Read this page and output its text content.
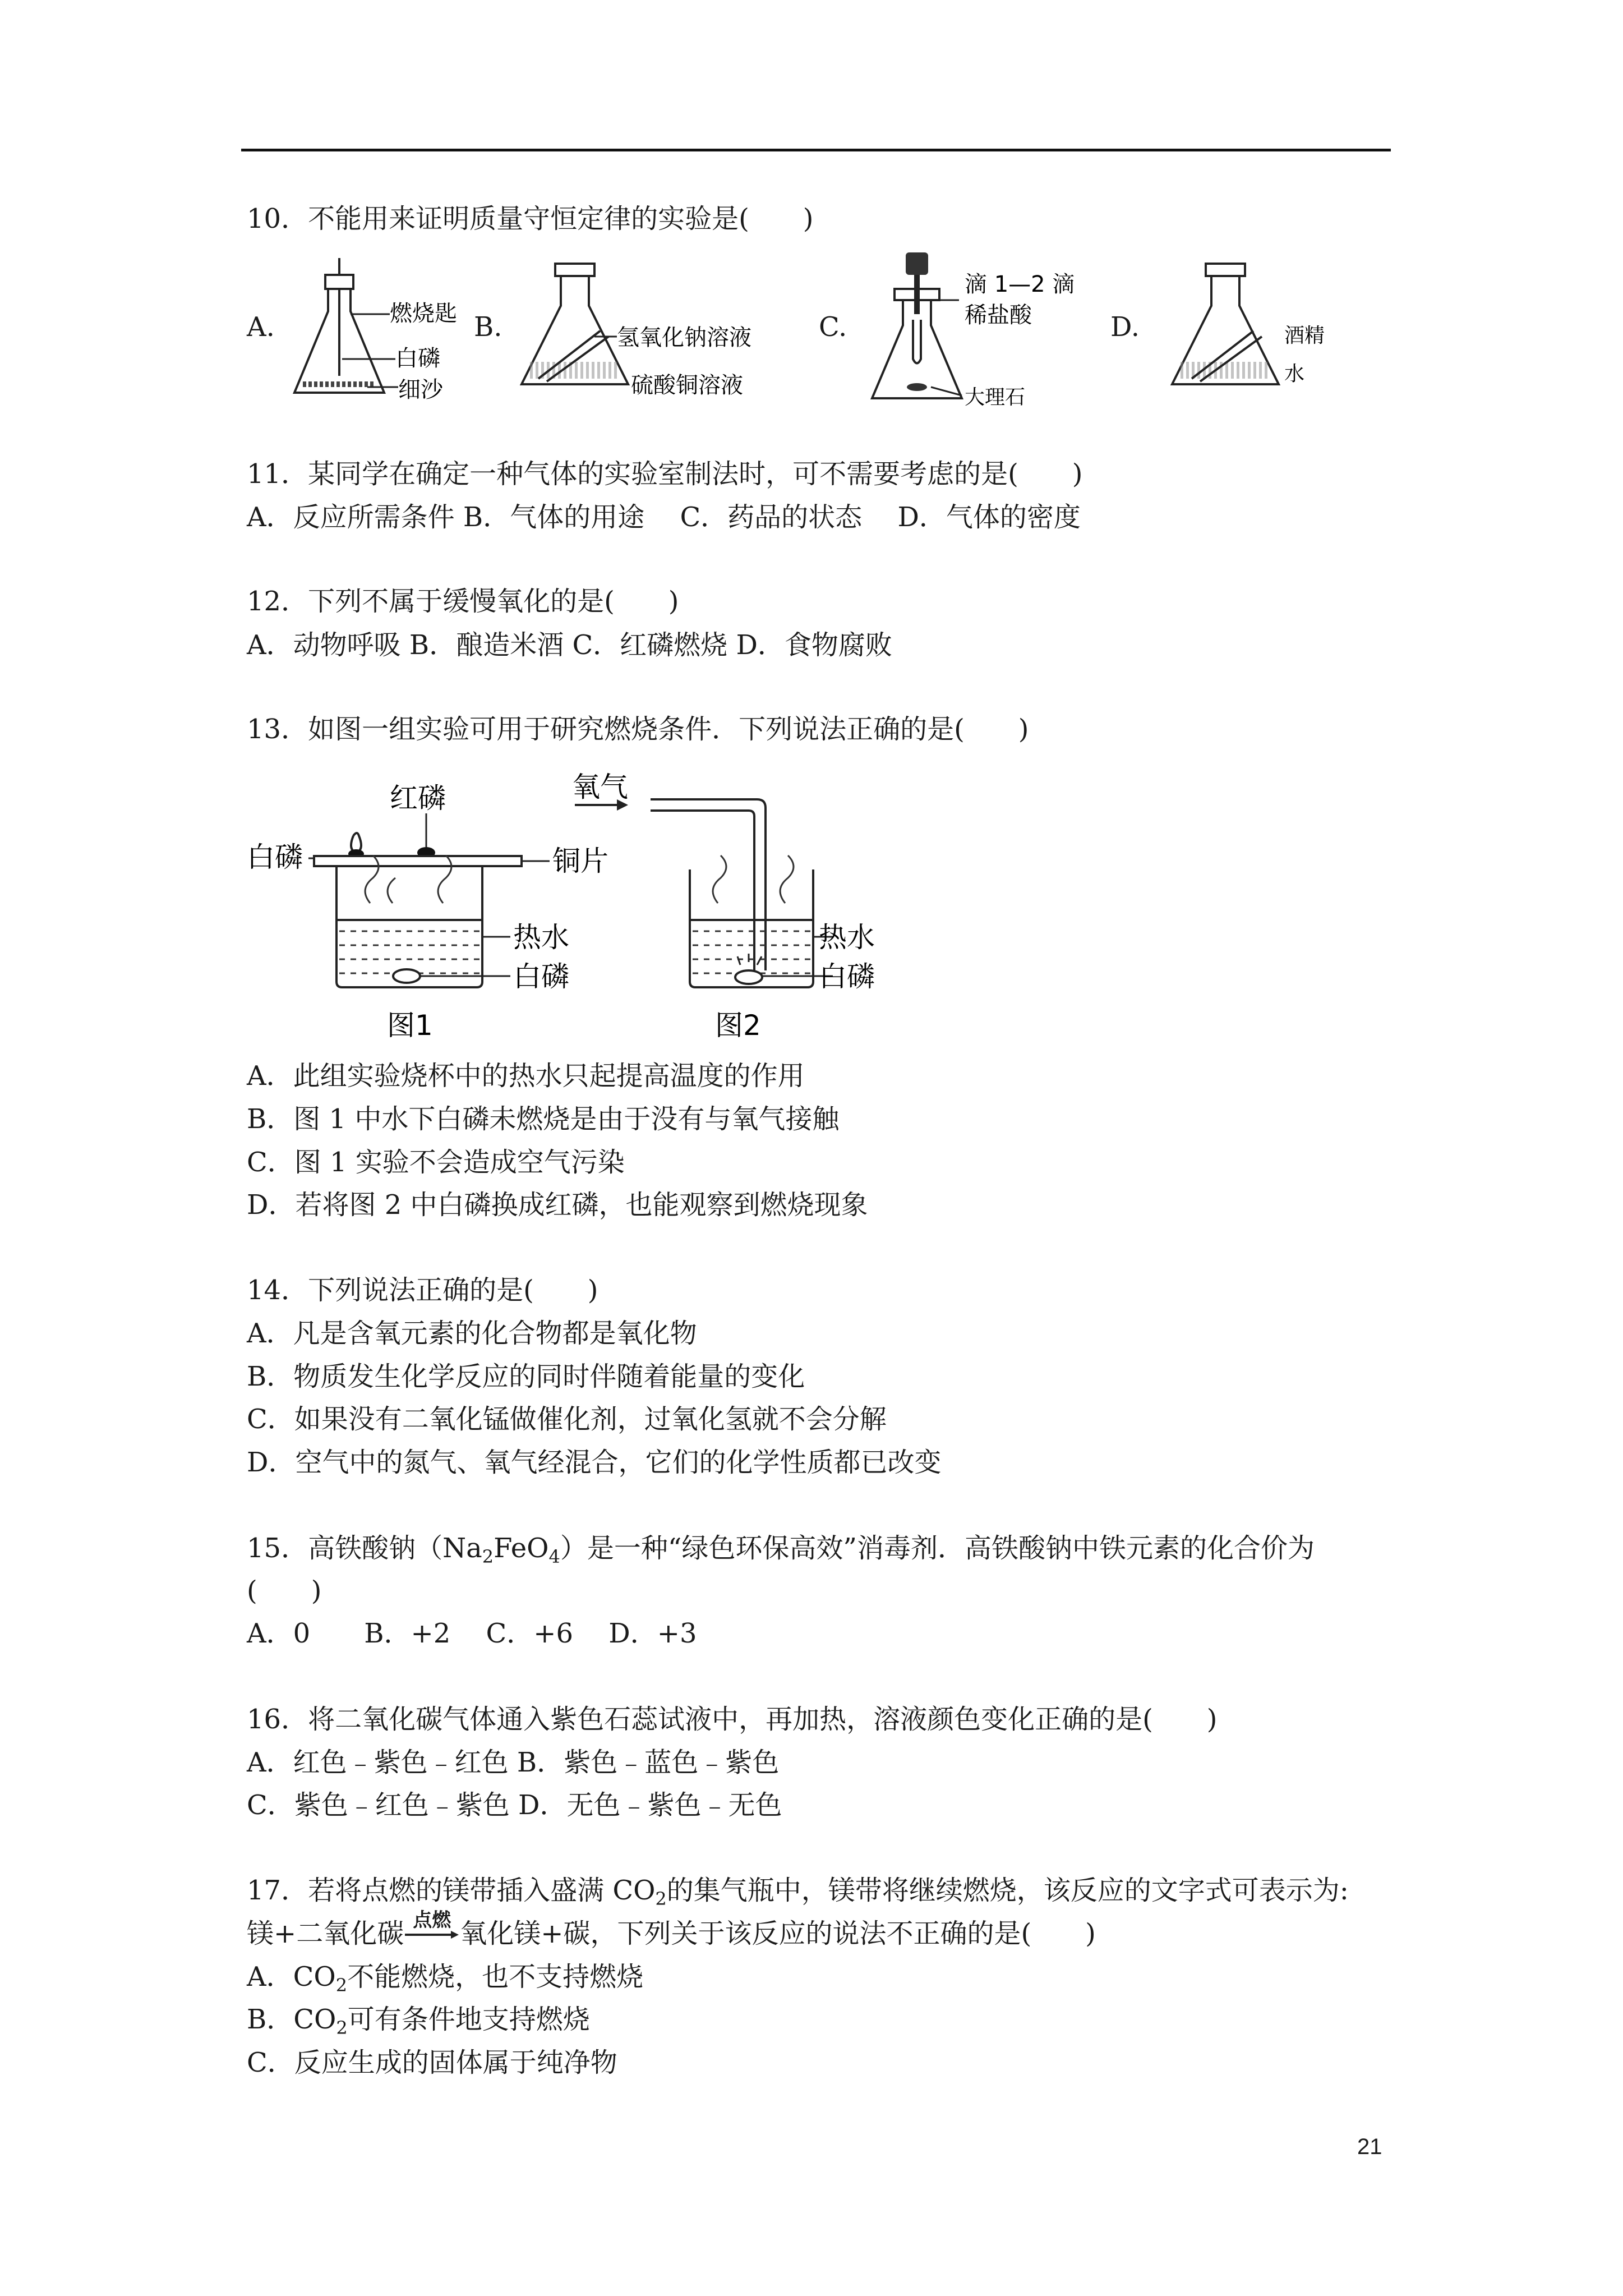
10．不能用来证明质量守恒定律的实验是(　　)
A.	燃烧匙
白磷
细沙
B.	氢氧化钠溶液
硫酸铜溶液
C.
滴 1—2 滴
稀盐酸
大理石
D.	酒精
水
11．某同学在确定一种气体的实验室制法时，可不需要考虑的是(　　)
A．反应所需条件 B．气体的用途　 C．药品的状态　 D．气体的密度
12．下列不属于缓慢氧化的是(　　)
A．动物呼吸 B．酿造米酒 C．红磷燃烧 D．食物腐败
13．如图一组实验可用于研究燃烧条件．下列说法正确的是(　　)
红磷
白磷	铜片
热水
白磷
图1
氧气
热水
白磷
图2
A．此组实验烧杯中的热水只起提高温度的作用
B．图 1 中水下白磷未燃烧是由于没有与氧气接触
C．图 1 实验不会造成空气污染
D．若将图 2 中白磷换成红磷，也能观察到燃烧现象
14．下列说法正确的是(　　)
A．凡是含氧元素的化合物都是氧化物
B．物质发生化学反应的同时伴随着能量的变化
C．如果没有二氧化锰做催化剂，过氧化氢就不会分解
D．空气中的氮气、氧气经混合，它们的化学性质都已改变
15．高铁酸钠$(Na_2FeO_4)$是一种“绿色环保高效”消毒剂．高铁酸钠中铁元素的化合价为
(　　)
A．0　　B．+2　 C．+6　 D．+3
16．将二氧化碳气体通入紫色石蕊试液中，再加热，溶液颜色变化正确的是(　　)
A．红色﹣紫色﹣红色 B．紫色﹣蓝色﹣紫色
C．紫色﹣红色﹣紫色 D．无色﹣紫色﹣无色
17．若将点燃的镁带插入盛满 $CO_2$的集气瓶中，镁带将继续燃烧，该反应的文字式可表示为:
镁+二氧化碳 点燃 氧化镁+碳，下列关于该反应的说法不正确的是(　　)
A．$CO_2$不能燃烧，也不支持燃烧
B．$CO_2$可有条件地支持燃烧
C．反应生成的固体属于纯净物
21
